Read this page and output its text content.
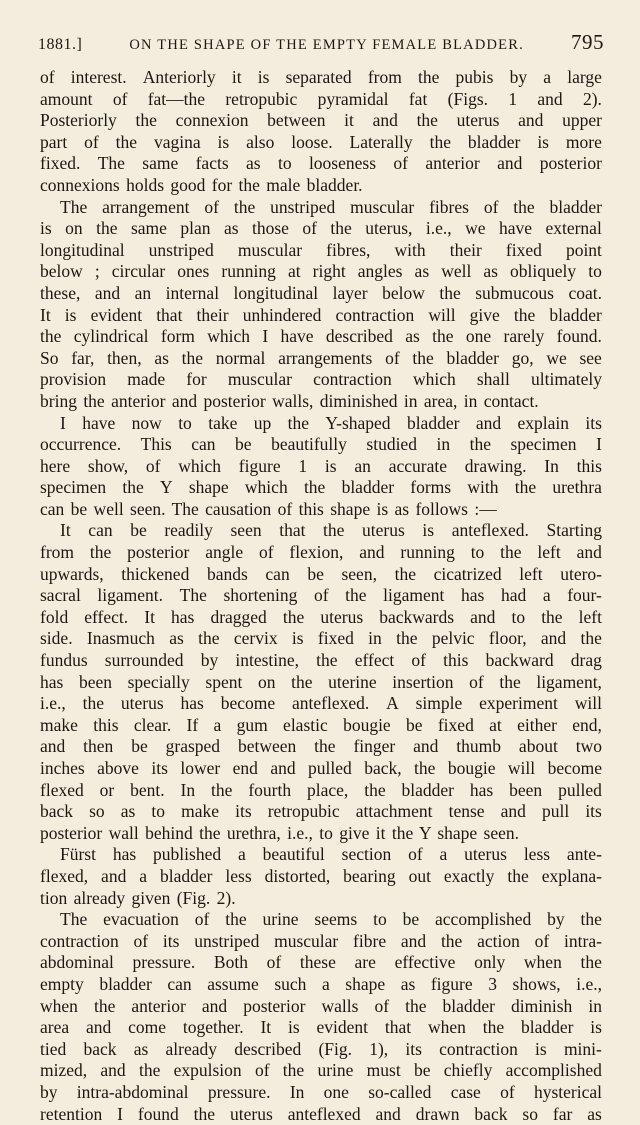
1881.]	ON THE SHAPE OF THE EMPTY FEMALE BLADDER. 795
of interest. Anteriorly it is separated from the pubis by a large
amount of fat—the retropubic pyramidal fat (Figs. 1 and 2).
Posteriorly the connexion between it and the uterus and upper
part of the vagina is also loose. Laterally the bladder is more
fixed. The same facts as to looseness of anterior and posterior
connexions holds good for the male bladder.
The arrangement of the unstriped muscular fibres of the bladder
is on the same plan as those of the uterus, i.e., we have external
longitudinal unstriped muscular fibres, with their fixed point
below ; circular ones running at right angles as well as obliquely to
these, and an internal longitudinal layer below the submucous coat.
It is evident that their unhindered contraction will give the bladder
the cylindrical form which I have described as the one rarely found.
So far, then, as the normal arrangements of the bladder go, we see
provision made for muscular contraction which shall ultimately
bring the anterior and posterior walls, diminished in area, in contact.
I have now to take up the Y-shaped bladder and explain its
occurrence. This can be beautifully studied in the specimen I
here show, of which figure 1 is an accurate drawing. In this
specimen the Y shape which the bladder forms with the urethra
can be well seen. The causation of this shape is as follows :—
It can be readily seen that the uterus is anteflexed. Starting
from the posterior angle of flexion, and running to the left and
upwards, thickened bands can be seen, the cicatrized left utero-
sacral ligament. The shortening of the ligament has had a four-
fold effect. It has dragged the uterus backwards and to the left
side. Inasmuch as the cervix is fixed in the pelvic floor, and the
fundus surrounded by intestine, the effect of this backward drag
has been specially spent on the uterine insertion of the ligament,
i.e., the uterus has become anteflexed. A simple experiment will
make this clear. If a gum elastic bougie be fixed at either end,
and then be grasped between the finger and thumb about two
inches above its lower end and pulled back, the bougie will become
flexed or bent. In the fourth place, the bladder has been pulled
back so as to make its retropubic attachment tense and pull its
posterior wall behind the urethra, i.e., to give it the Y shape seen.
Fürst has published a beautiful section of a uterus less ante-
flexed, and a bladder less distorted, bearing out exactly the explana-
tion already given (Fig. 2).
The evacuation of the urine seems to be accomplished by the
contraction of its unstriped muscular fibre and the action of intra-
abdominal pressure. Both of these are effective only when the
empty bladder can assume such a shape as figure 3 shows, i.e.,
when the anterior and posterior walls of the bladder diminish in
area and come together. It is evident that when the bladder is
tied back as already described (Fig. 1), its contraction is mini-
mized, and the expulsion of the urine must be chiefly accomplished
by intra-abdominal pressure. In one so-called case of hysterical
retention I found the uterus anteflexed and drawn back so far as
